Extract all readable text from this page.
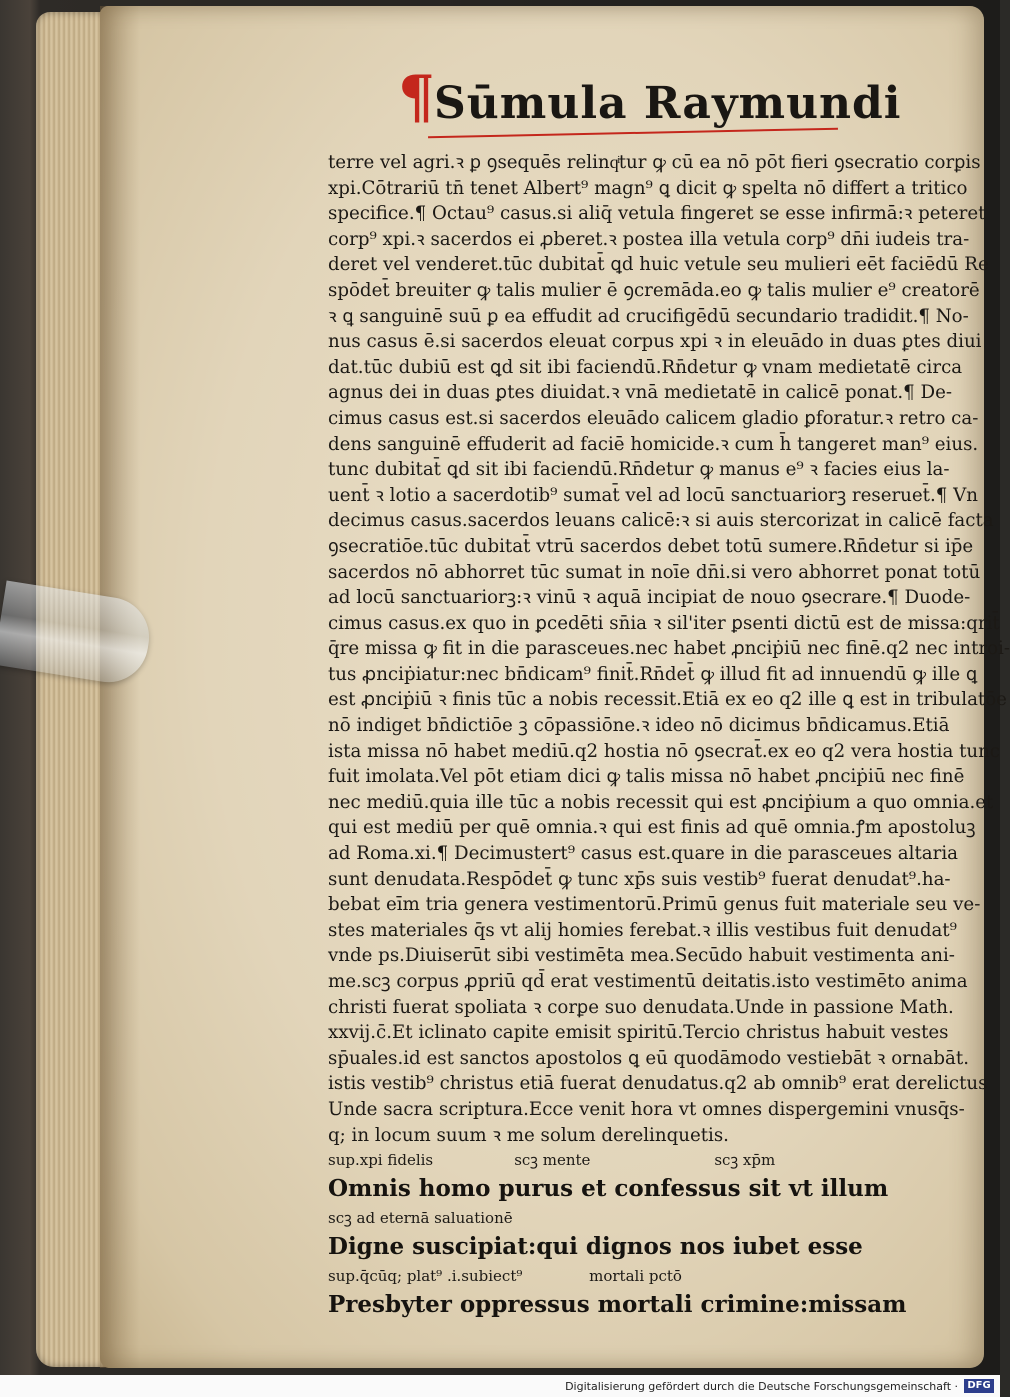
¶ Sūmula Raymundi
terre vel agri.ꝛ ꝑ ꝯsequēs relinqͥtur ꝙ cū ea nō pōt fieri ꝯsecratio corꝑis
xpi.Cōtrariū tn̄ tenet Albert⁹ magn⁹ ꝗ dicit ꝙ spelta nō differt a tritico
specifice.¶ Octau⁹ casus.si aliq̄ vetula fingeret se esse infirmā:ꝛ peteret
corp⁹ xpi.ꝛ sacerdos ei ꝓberet.ꝛ postea illa vetula corp⁹ dn̄i iudeis tra-
deret vel venderet.tūc dubitat̄ ꝗd huic vetule seu mulieri eēt faciēdū Re
spōdet̄ breuiter ꝙ talis mulier ē ꝯcremāda.eo ꝙ talis mulier e⁹ creatorē
ꝛ ꝗ sanguinē suū ꝑ ea effudit ad crucifigēdū secundario tradidit.¶ No-
nus casus ē.si sacerdos eleuat corpus xpi ꝛ in eleuādo in duas ꝑtes diui
dat.tūc dubiū est ꝗd sit ibi faciendū.Rn̄detur ꝙ vnam medietatē circa
agnus dei in duas ꝑtes diuidat.ꝛ vnā medietatē in calicē ponat.¶ De-
cimus casus est.si sacerdos eleuādo calicem gladio ꝑforatur.ꝛ retro ca-
dens sanguinē effuderit ad faciē homicide.ꝛ cum h̄ tangeret man⁹ eius.
tunc dubitat̄ ꝗd sit ibi faciendū.Rn̄detur ꝙ manus e⁹ ꝛ facies eius la-
uent̄ ꝛ lotio a sacerdotib⁹ sumat̄ vel ad locū sanctuariorꝫ reseruet̄.¶ Vn
decimus casus.sacerdos leuans calicē:ꝛ si auis stercorizat in calicē facta
ꝯsecratiōe.tūc dubitat̄ vtrū sacerdos debet totū sumere.Rn̄detur si ip̄e
sacerdos nō abhorret tūc sumat in noīe dn̄i.si vero abhorret ponat totū
ad locū sanctuariorꝫ:ꝛ vinū ꝛ aquā incipiat de nouo ꝯsecrare.¶ Duode-
cimus casus.ex quo in ꝑcedēti sn̄ia ꝛ sil'iter ꝑsenti dictū est de missa:qrit̄
q̄re missa ꝙ fit in die parasceues.nec habet ꝓnciṗiū nec finē.q2 nec introi-
tus ꝓnciṗiatur:nec bn̄dicam⁹ finit̄.Rn̄det̄ ꝙ illud fit ad innuendū ꝙ ille ꝗ
est ꝓnciṗiū ꝛ finis tūc a nobis recessit.Etiā ex eo q2 ille ꝗ est in tribulatōe
nō indiget bn̄dictiōe ꝫ cōpassiōne.ꝛ ideo nō dicimus bn̄dicamus.Etiā
ista missa nō habet mediū.q2 hostia nō ꝯsecrat̄.ex eo q2 vera hostia tunc
fuit imolata.Vel pōt etiam dici ꝙ talis missa nō habet ꝓnciṗiū nec finē
nec mediū.quia ille tūc a nobis recessit qui est ꝓnciṗium a quo omnia.et
qui est mediū per quē omnia.ꝛ qui est finis ad quē omnia.ꝭm apostoluꝫ
ad Roma.xi.¶ Decimustert⁹ casus est.quare in die parasceues altaria
sunt denudata.Respōdet̄ ꝙ tunc xp̄s suis vestib⁹ fuerat denudat⁹.ha-
bebat eīm tria genera vestimentorū.Primū genus fuit materiale seu ve-
stes materiales q̄s vt alij homies ferebat.ꝛ illis vestibus fuit denudat⁹
vnde ps.Diuiserūt sibi vestimēta mea.Secūdo habuit vestimenta ani-
me.scꝫ corpus ꝓpriū qd̄ erat vestimentū deitatis.isto vestimēto anima
christi fuerat spoliata ꝛ corꝑe suo denudata.Unde in passione Math.
xxvij.c̄.Et iclinato capite emisit spiritū.Tercio christus habuit vestes
sp̄uales.id est sanctos apostolos ꝗ eū quodāmodo vestiebāt ꝛ ornabāt.
istis vestib⁹ christus etiā fuerat denudatus.q2 ab omnib⁹ erat derelictus
Unde sacra scriptura.Ecce venit hora vt omnes dispergemini vnusq̄s-
q; in locum suum ꝛ me solum derelinquetis.
sup.xpi fidelis                 scꝫ mente                          scꝫ xp̄m
Omnis homo purus et confessus sit vt illum
scꝫ ad eternā saluationē
Digne suscipiat:qui dignos nos iubet esse
sup.q̄cūq; plat⁹ .i.subiect⁹              mortali pctō
Presbyter oppressus mortali crimine:missam
Digitalisierung gefördert durch die Deutsche Forschungsgemeinschaft · DFG
